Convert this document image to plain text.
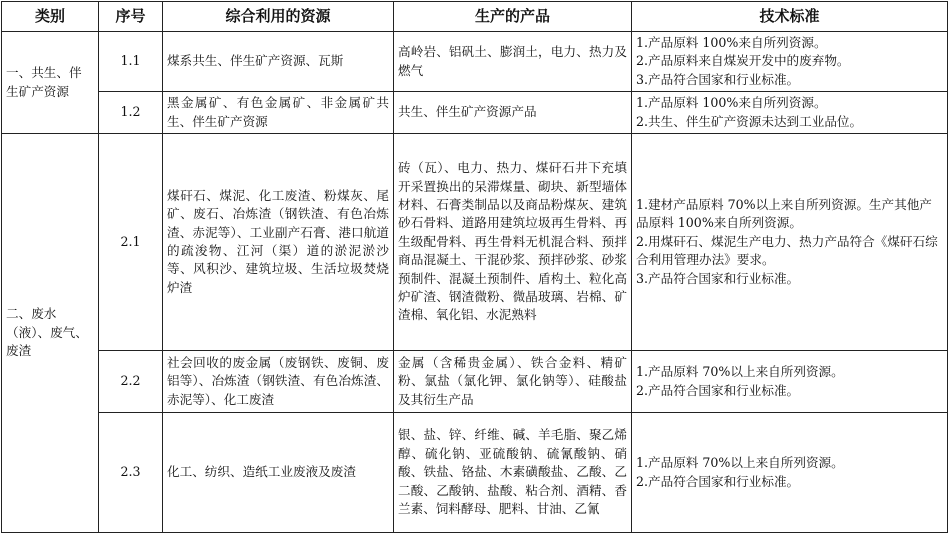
类别	序号	综合利用的资源	生产的产品	技术标准
一、共生、伴生矿产资源	1.1	煤系共生、伴生矿产资源、瓦斯	高岭岩、铝矾土、膨润土，电力、热力及燃气	1.产品原料 100%来自所列资源。
2.产品原料来自煤炭开发中的废弃物。
3.产品符合国家和行业标准。

	1.2	黑金属矿、有色金属矿、非金属矿共生、伴生矿产资源	共生、伴生矿产资源产品	1.产品原料 100%来自所列资源。
2.共生、伴生矿产资源未达到工业品位。

二、废水（液）、废气、废渣	2.1	煤矸石、煤泥、化工废渣、粉煤灰、尾矿、废石、冶炼渣（钢铁渣、有色冶炼渣、赤泥等）、工业副产石膏、港口航道的疏浚物、江河（渠）道的淤泥淤沙等、风积沙、建筑垃圾、生活垃圾焚烧炉渣	砖（瓦）、电力、热力、煤矸石井下充填开采置换出的呆滞煤量、砌块、新型墙体材料、石膏类制品以及商品粉煤灰、建筑砂石骨料、道路用建筑垃圾再生骨料、再生级配骨料、再生骨料无机混合料、预拌商品混凝土、干混砂浆、预拌砂浆、砂浆预制件、混凝土预制件、盾构土、粒化高炉矿渣、钢渣微粉、微晶玻璃、岩棉、矿渣棉、氧化铝、水泥熟料	1.建材产品原料 70%以上来自所列资源。生产其他产品原料 100%来自所列资源。
2.用煤矸石、煤泥生产电力、热力产品符合《煤矸石综合利用管理办法》要求。
3.产品符合国家和行业标准。

	2.2	社会回收的废金属（废钢铁、废铜、废铝等）、冶炼渣（钢铁渣、有色冶炼渣、赤泥等）、化工废渣	金属（含稀贵金属）、铁合金料、精矿粉、氯盐（氯化钾、氯化钠等）、硅酸盐及其衍生产品	1.产品原料 70%以上来自所列资源。
2.产品符合国家和行业标准。

	2.3	化工、纺织、造纸工业废液及废渣	银、盐、锌、纤维、碱、羊毛脂、聚乙烯醇、硫化钠、亚硫酸钠、硫氰酸钠、硝酸、铁盐、铬盐、木素磺酸盐、乙酸、乙二酸、乙酸钠、盐酸、粘合剂、酒精、香兰素、饲料酵母、肥料、甘油、乙氰	1.产品原料 70%以上来自所列资源。
2.产品符合国家和行业标准。
